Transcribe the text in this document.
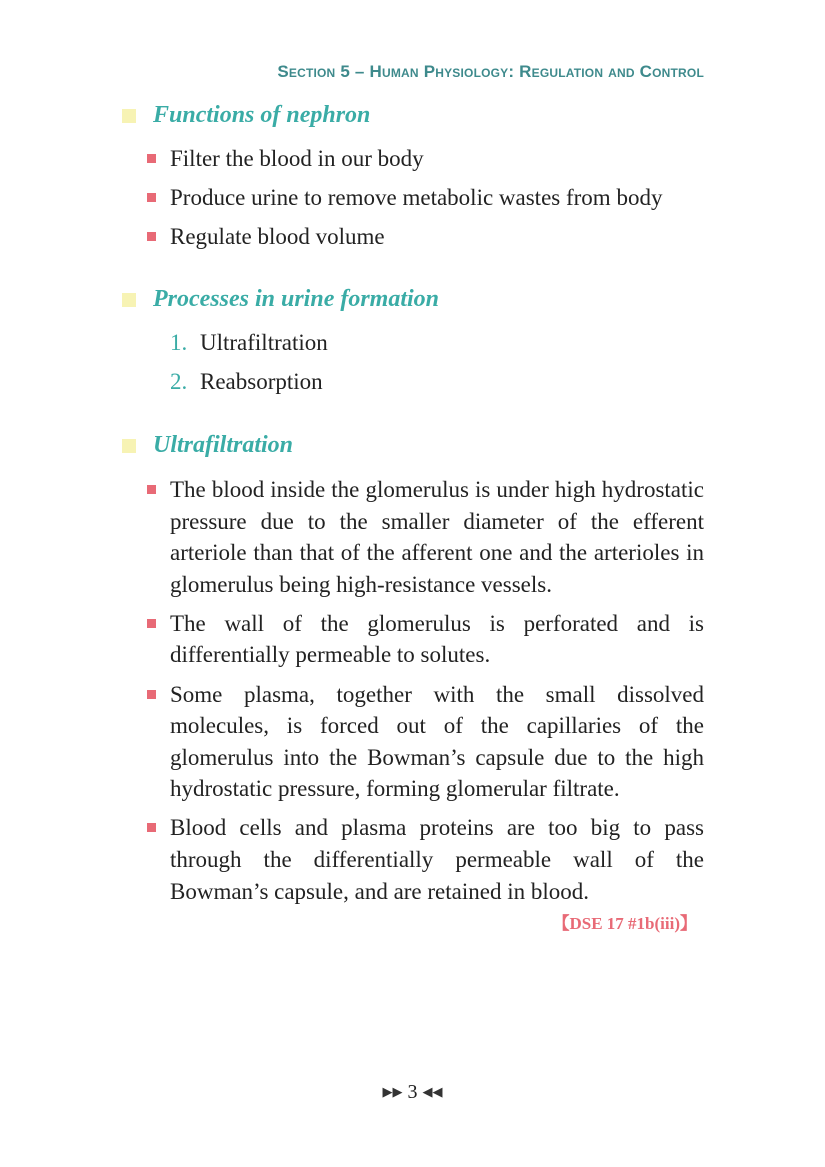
Section 5 – Human Physiology: Regulation and Control
Functions of nephron
Filter the blood in our body
Produce urine to remove metabolic wastes from body
Regulate blood volume
Processes in urine formation
1. Ultrafiltration
2. Reabsorption
Ultrafiltration
The blood inside the glomerulus is under high hydrostatic pressure due to the smaller diameter of the efferent arteriole than that of the afferent one and the arterioles in glomerulus being high-resistance vessels.
The wall of the glomerulus is perforated and is differentially permeable to solutes.
Some plasma, together with the small dissolved molecules, is forced out of the capillaries of the glomerulus into the Bowman’s capsule due to the high hydrostatic pressure, forming glomerular filtrate.
Blood cells and plasma proteins are too big to pass through the differentially permeable wall of the Bowman’s capsule, and are retained in blood.
【DSE 17 #1b(iii)】
▶▶ 3 ◀◀
